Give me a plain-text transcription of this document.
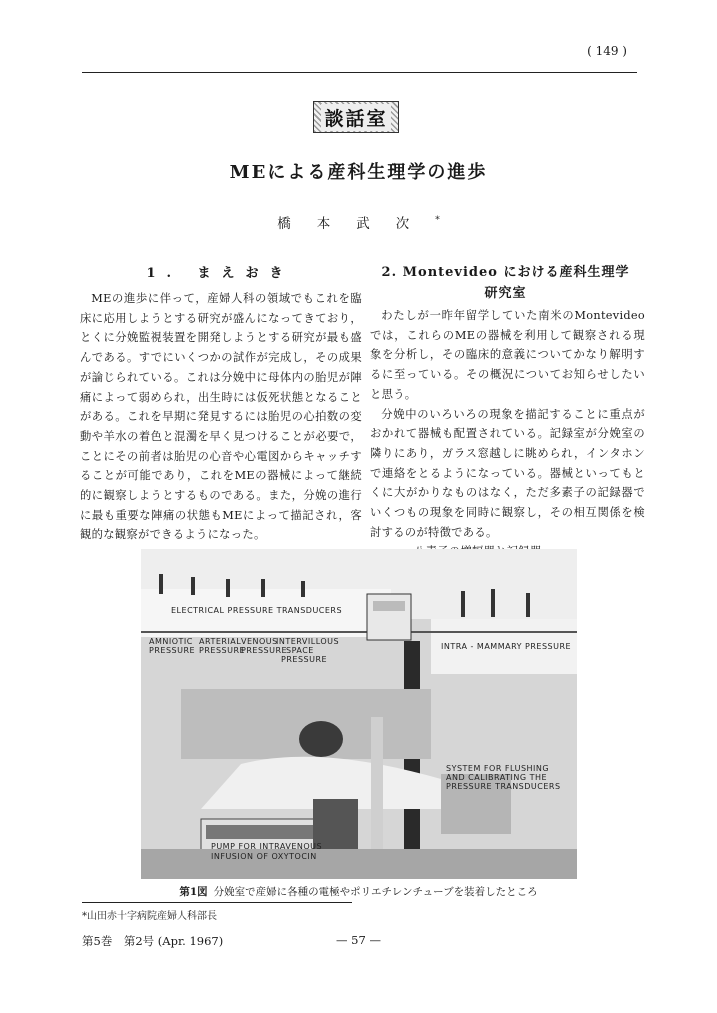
( 149 )
談話室
MEによる産科生理学の進歩
橋本武次*
1. まえおき

MEの進歩に伴って，産婦人科の領域でもこれを臨床に応用しようとする研究が盛んになってきており，とくに分娩監視装置を開発しようとする研究が最も盛んである。すでにいくつかの試作が完成し，その成果が論じられている。これは分娩中に母体内の胎児が陣痛によって弱められ，出生時には仮死状態となることがある。これを早期に発見するには胎児の心拍数の変動や羊水の着色と混濁を早く見つけることが必要で，ことにその前者は胎児の心音や心電図からキャッチすることが可能であり，これをMEの器械によって継続的に観察しようとするものである。また，分娩の進行に最も重要な陣痛の状態もMEによって描記され，客観的な観察ができるようになった。

2. Montevideo における産科生理学
研究室

わたしが一昨年留学していた南米のMontevideoでは，これらのMEの器械を利用して観察される現象を分析し，その臨床的意義についてかなり解明するに至っている。その概況についてお知らせしたいと思う。

分娩中のいろいろの現象を描記することに重点がおかれて器械も配置されている。記録室が分娩室の隣りにあり，ガラス窓越しに眺められ，インタホンで連絡をとるようになっている。器械といってもとくに大がかりなものはなく，ただ多素子の記録器でいくつもの現象を同時に観察し，その相互関係を検討するのが特徴である。

ELECTRICAL PRESSURE TRANSDUCERS
AMNIOTIC ARTERIAL VENOUS
INTERVILLOUS
PRESSURE PRESSURE
PRESSURE
SPACE
PRESSURE
INTRA - MAMMARY PRESSURE
SYSTEM FOR FLUSHING
AND CALIBRATING THE
PRESSURE TRANSDUCERS
PUMP FOR INTRAVENOUS
INFUSION OF OXYTOCIN
第1図 分娩室で産婦に各種の電極やポリエチレンチューブを装着したところ
*山田赤十字病院産婦人科部長
第5巻　第2号 (Apr. 1967)	— 57 —
